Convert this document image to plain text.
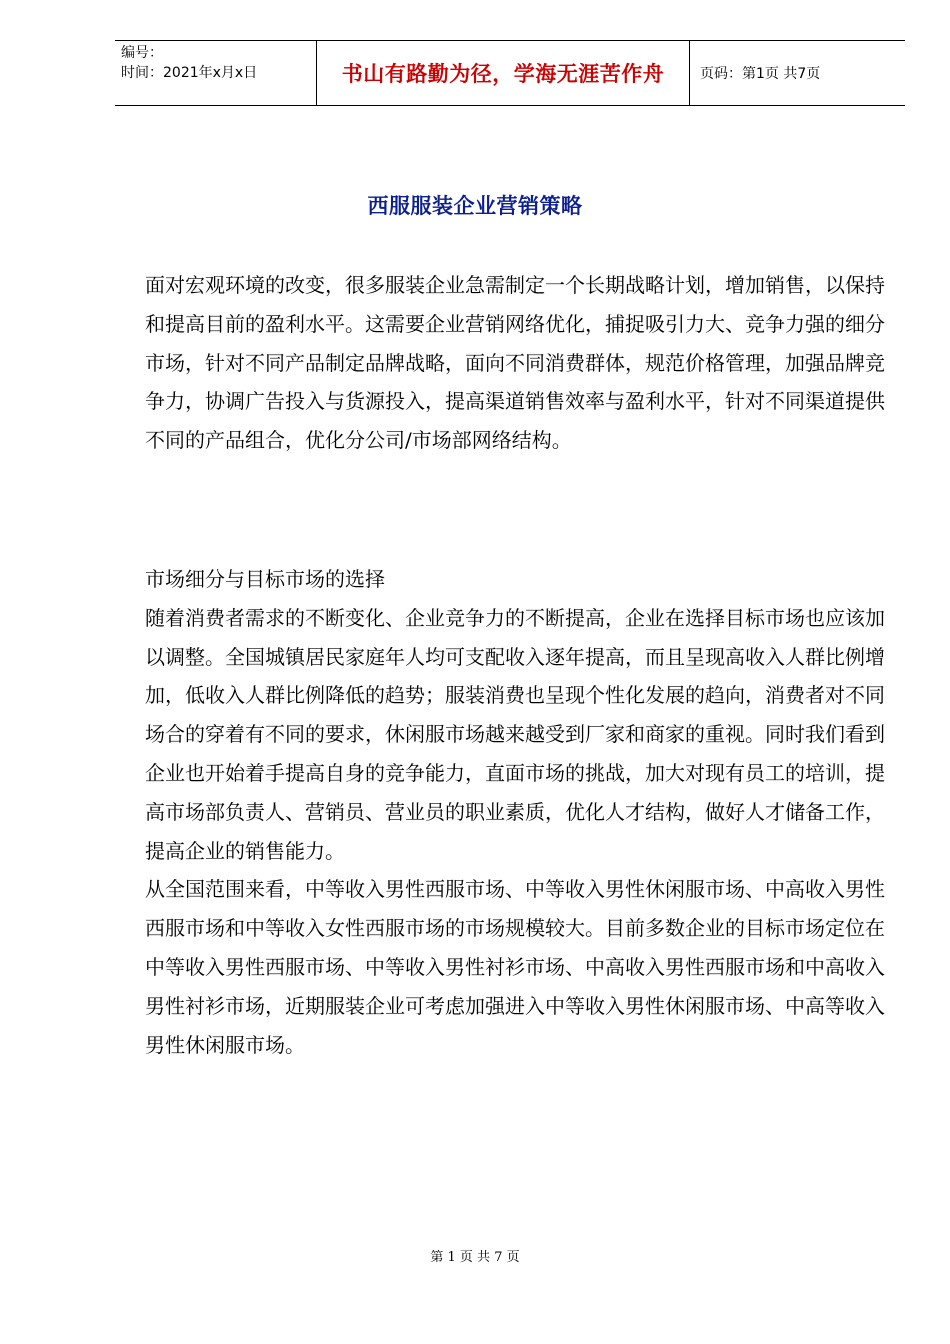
编号：
时间：2021年x月x日	书山有路勤为径，学海无涯苦作舟	页码：第1页 共7页
西服服装企业营销策略

面对宏观环境的改变，很多服装企业急需制定一个长期战略计划，增加销售，以保持和提高目前的盈利水平。这需要企业营销网络优化，捕捉吸引力大、竞争力强的细分市场，针对不同产品制定品牌战略，面向不同消费群体，规范价格管理，加强品牌竞争力，协调广告投入与货源投入，提高渠道销售效率与盈利水平，针对不同渠道提供不同的产品组合，优化分公司/市场部网络结构。

市场细分与目标市场的选择

随着消费者需求的不断变化、企业竞争力的不断提高，企业在选择目标市场也应该加以调整。全国城镇居民家庭年人均可支配收入逐年提高，而且呈现高收入人群比例增加，低收入人群比例降低的趋势；服装消费也呈现个性化发展的趋向，消费者对不同场合的穿着有不同的要求，休闲服市场越来越受到厂家和商家的重视。同时我们看到企业也开始着手提高自身的竞争能力，直面市场的挑战，加大对现有员工的培训，提高市场部负责人、营销员、营业员的职业素质，优化人才结构，做好人才储备工作，提高企业的销售能力。

从全国范围来看，中等收入男性西服市场、中等收入男性休闲服市场、中高收入男性西服市场和中等收入女性西服市场的市场规模较大。目前多数企业的目标市场定位在中等收入男性西服市场、中等收入男性衬衫市场、中高收入男性西服市场和中高收入男性衬衫市场，近期服装企业可考虑加强进入中等收入男性休闲服市场、中高等收入男性休闲服市场。

第 1 页 共 7 页
